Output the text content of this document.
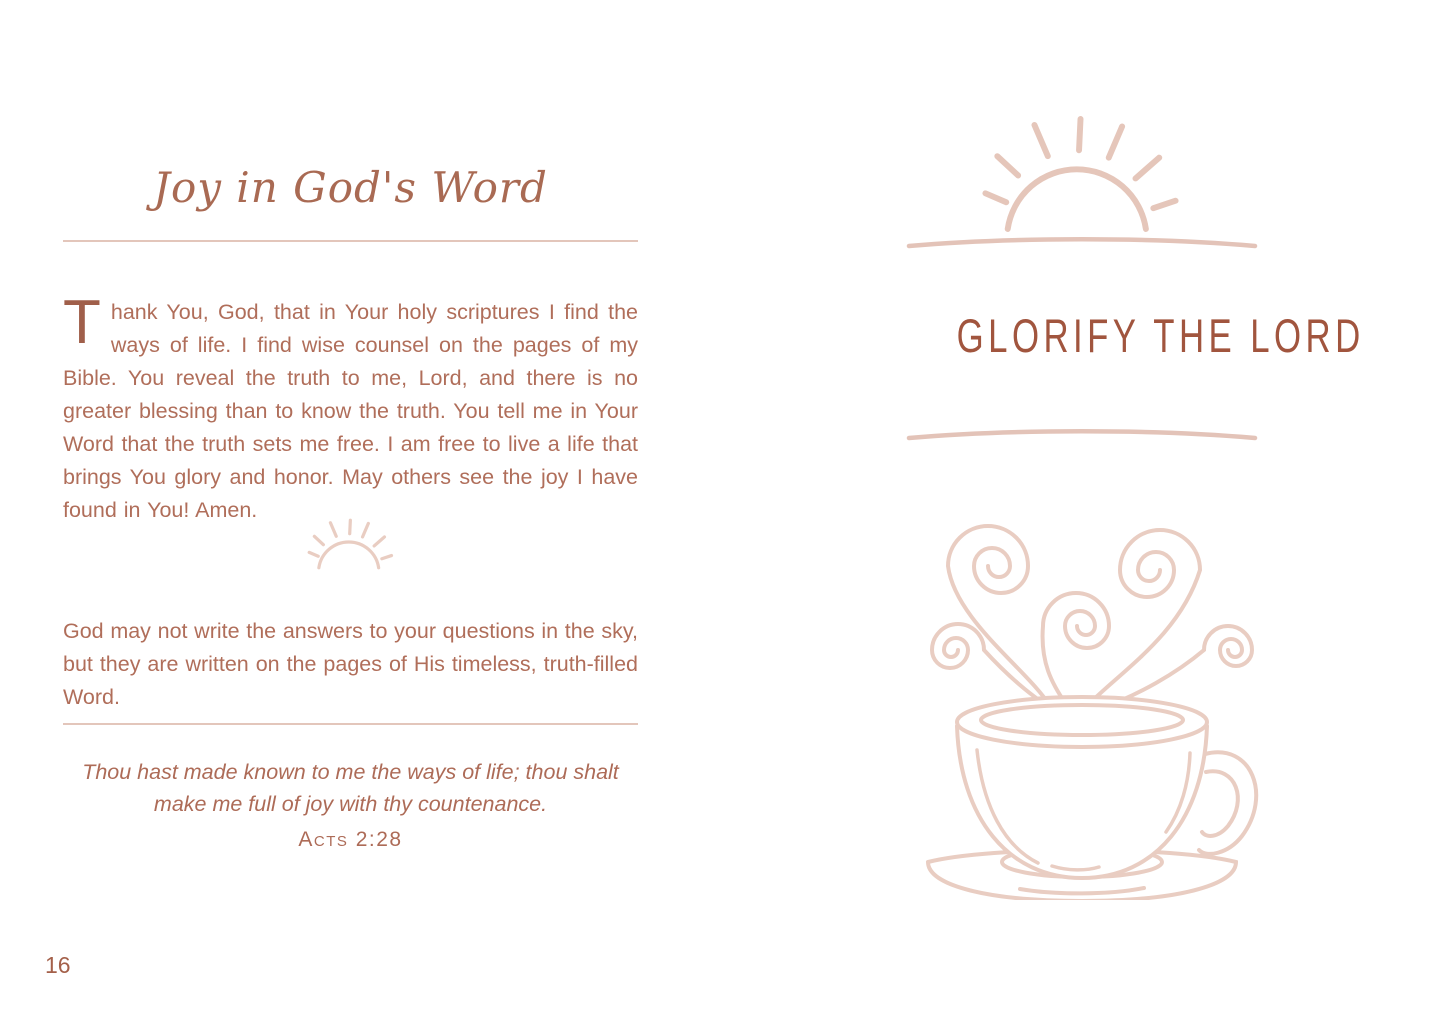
Joy in God's Word

Thank You, God, that in Your holy scriptures I find the ways of life. I find wise counsel on the pages of my Bible. You reveal the truth to me, Lord, and there is no greater blessing than to know the truth. You tell me in Your Word that the truth sets me free. I am free to live a life that brings You glory and honor. May others see the joy I have found in You! Amen.

God may not write the answers to your questions in the sky, but they are written on the pages of His timeless, truth-filled Word.

Thou hast made known to me the ways of life; thou shalt make me full of joy with thy countenance.
Acts 2:28
16
GLORIFY THE LORD
